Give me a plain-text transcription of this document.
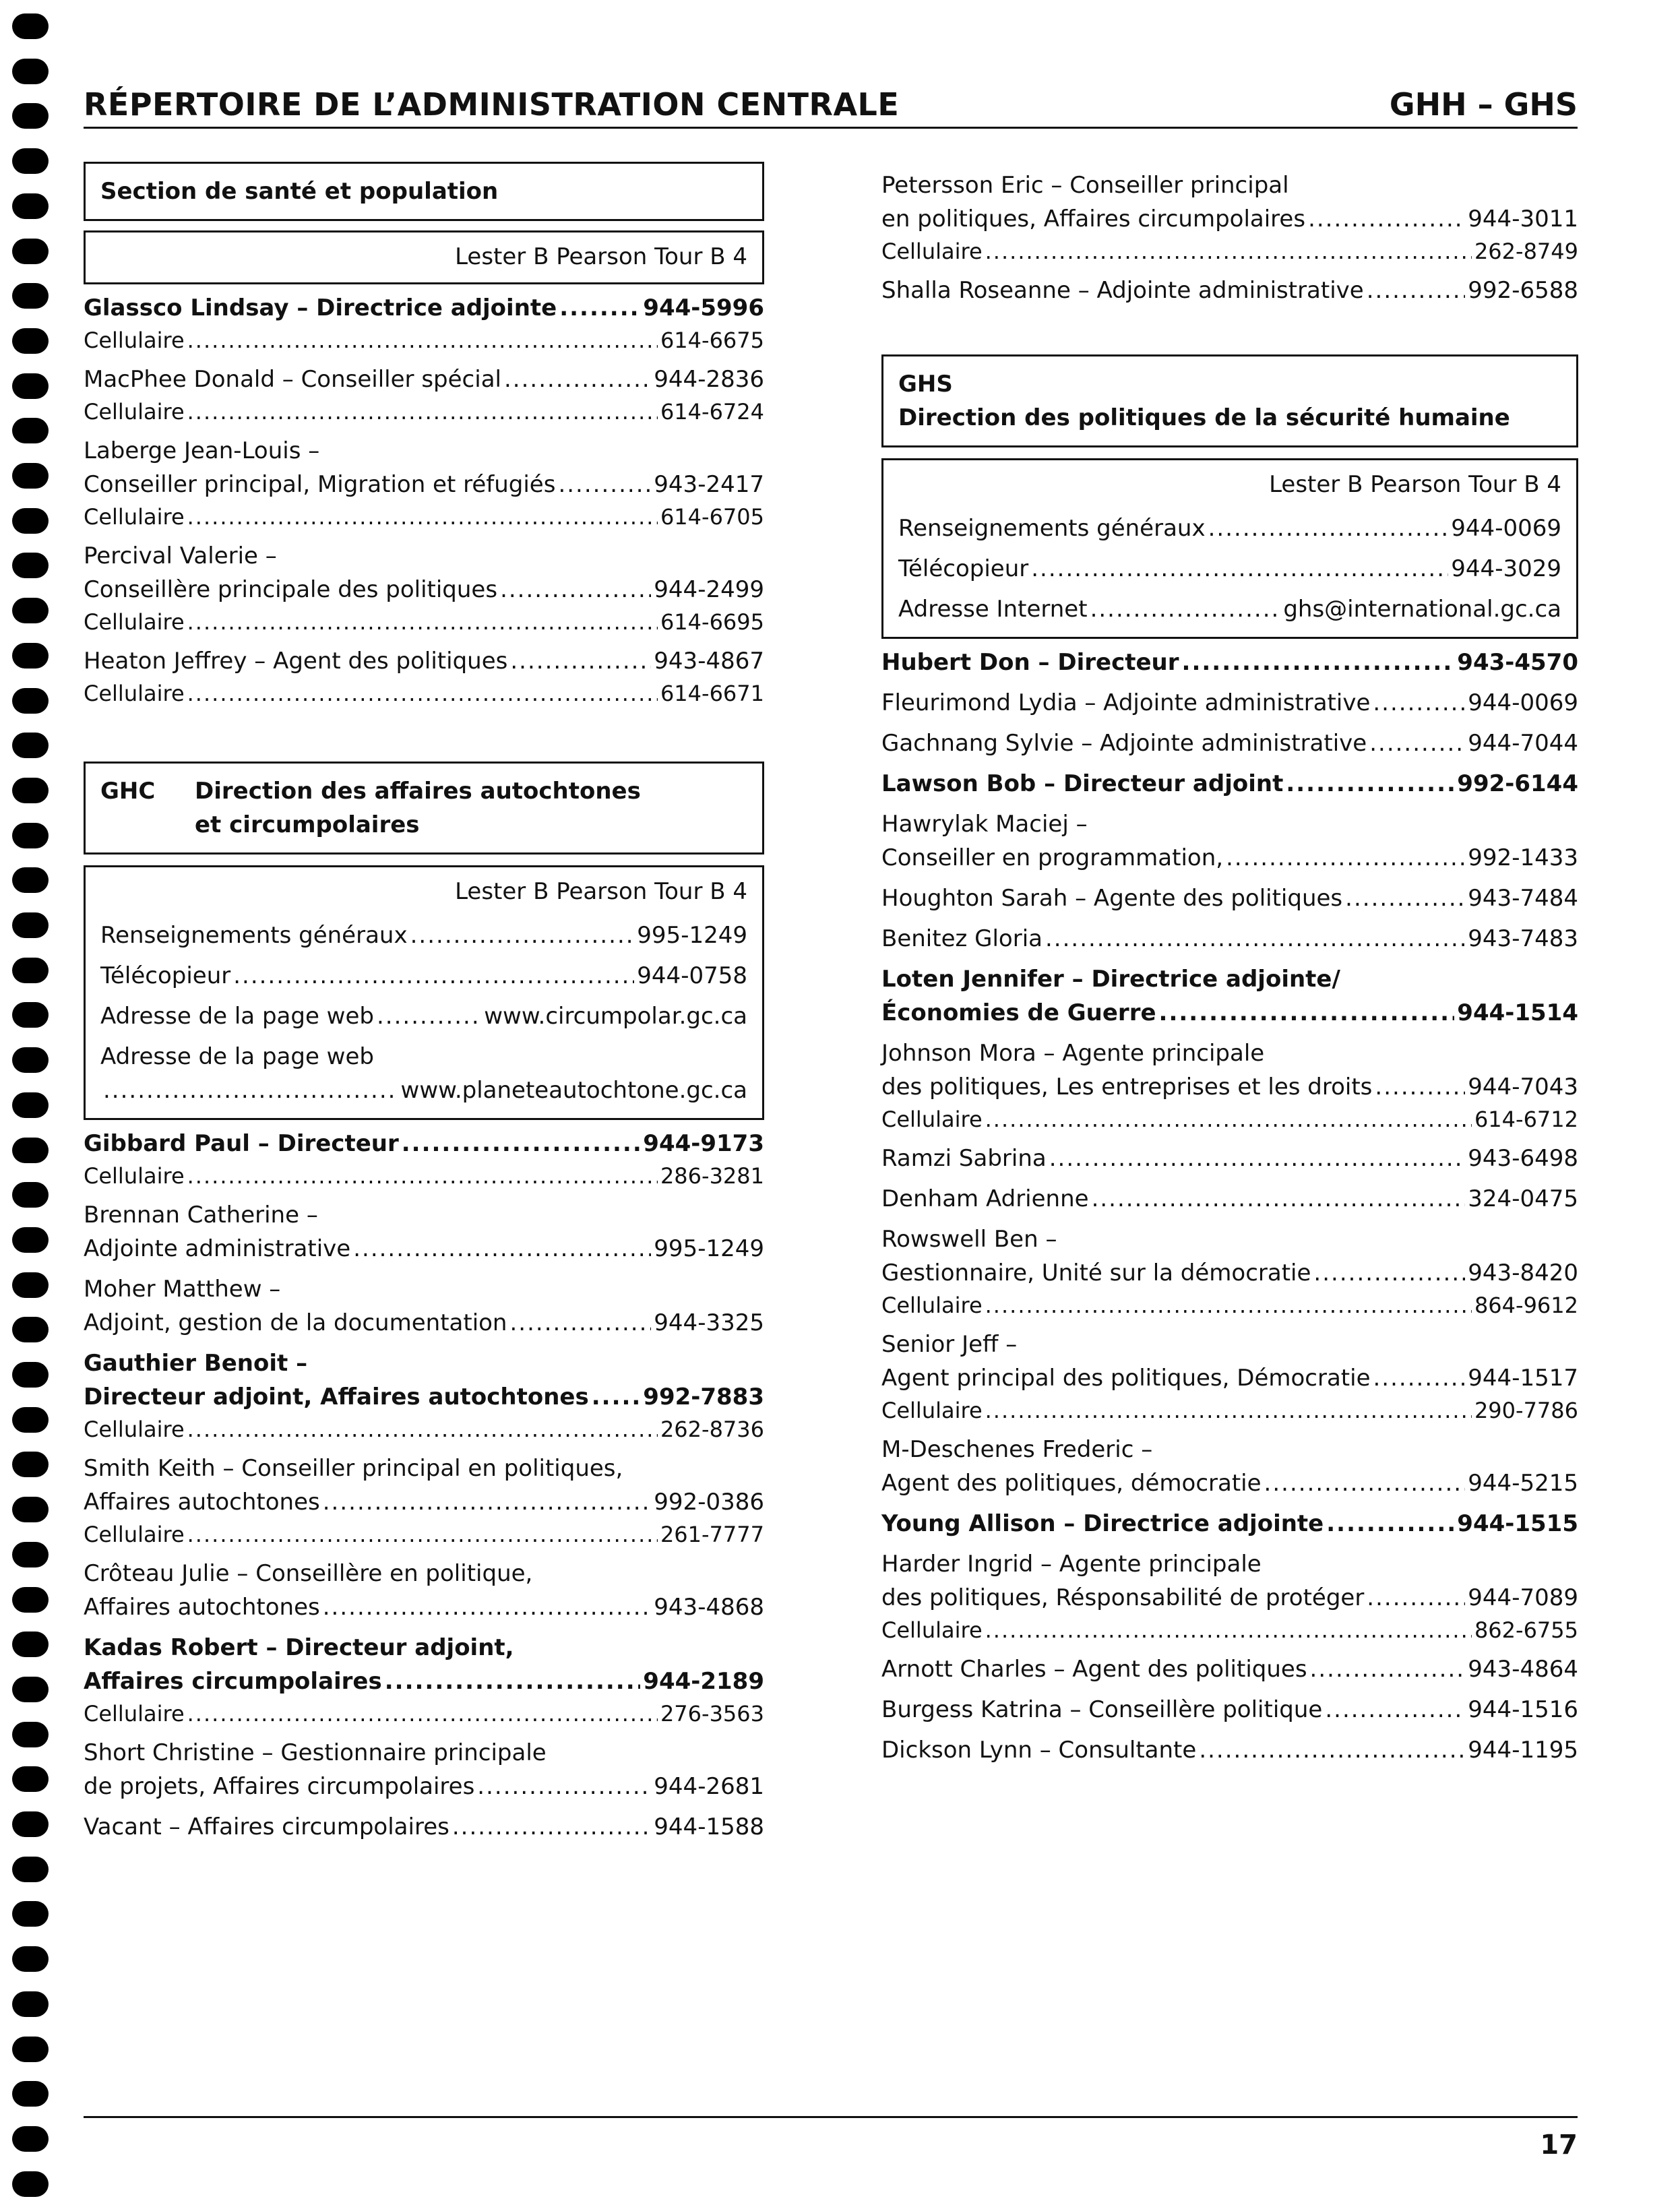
RÉPERTOIRE DE L’ADMINISTRATION CENTRALE	GHH – GHS
Section de santé et population
Lester B Pearson Tour B 4
Glassco Lindsay – Directrice adjointe .....	944-5996
Cellulaire .....	614-6675
MacPhee Donald – Conseiller spécial .....	944-2836
Cellulaire .....	614-6724
Laberge Jean-Louis –
Conseiller principal, Migration et réfugiés .....	943-2417
Cellulaire .....	614-6705
Percival Valerie –
Conseillère principale des politiques .....	944-2499
Cellulaire .....	614-6695
Heaton Jeffrey – Agent des politiques .....	943-4867
Cellulaire .....	614-6671
GHC Direction des affaires autochtones
et circumpolaires
Lester B Pearson Tour B 4
Renseignements généraux .....	995-1249
Télécopieur .....	944-0758
Adresse de la page web .....	www.circumpolar.gc.ca
Adresse de la page web
.....
www.planeteautochtone.gc.ca
Gibbard Paul – Directeur .....	944-9173
Cellulaire .....	286-3281
Brennan Catherine –
Adjointe administrative .....	995-1249
Moher Matthew –
Adjoint, gestion de la documentation .....	944-3325
Gauthier Benoit –
Directeur adjoint, Affaires autochtones ..... 992-7883
Cellulaire .....	262-8736
Smith Keith – Conseiller principal en politiques,
Affaires autochtones .....	992-0386
Cellulaire .....	261-7777
Crôteau Julie – Conseillère en politique,
Affaires autochtones .....	943-4868
Kadas Robert – Directeur adjoint,
Affaires circumpolaires .....	944-2189
Cellulaire .....	276-3563
Short Christine – Gestionnaire principale
de projets, Affaires circumpolaires .....	944-2681
Vacant – Affaires circumpolaires .....	944-1588
Petersson Eric – Conseiller principal
en politiques, Affaires circumpolaires .....	944-3011
Cellulaire .....	262-8749
Shalla Roseanne – Adjointe administrative .....	992-6588
GHSDirection des politiques de la sécurité humaine
Lester B Pearson Tour B 4
Renseignements généraux .....	944-0069
Télécopieur .....	944-3029
Adresse Internet .....	ghs@international.gc.ca
Hubert Don – Directeur .....	943-4570
Fleurimond Lydia – Adjointe administrative .....	944-0069
Gachnang Sylvie – Adjointe administrative .....	944-7044
Lawson Bob – Directeur adjoint .....	992-6144
Hawrylak Maciej –
Conseiller en programmation, .....	992-1433
Houghton Sarah – Agente des politiques .....	943-7484
Benitez Gloria .....	943-7483
Loten Jennifer – Directrice adjointe/
Économies de Guerre .....	944-1514
Johnson Mora – Agente principale
des politiques, Les entreprises et les droits .....	944-7043
Cellulaire .....	614-6712
Ramzi Sabrina .....	943-6498
Denham Adrienne .....	324-0475
Rowswell Ben –
Gestionnaire, Unité sur la démocratie .....	943-8420
Cellulaire .....	864-9612
Senior Jeff –
Agent principal des politiques, Démocratie .....	944-1517
Cellulaire .....	290-7786
M-Deschenes Frederic –
Agent des politiques, démocratie .....	944-5215
Young Allison – Directrice adjointe .....	944-1515
Harder Ingrid – Agente principale
des politiques, Résponsabilité de protéger .....	944-7089
Cellulaire .....	862-6755
Arnott Charles – Agent des politiques .....	943-4864
Burgess Katrina – Conseillère politique .....	944-1516
Dickson Lynn – Consultante .....	944-1195
17
